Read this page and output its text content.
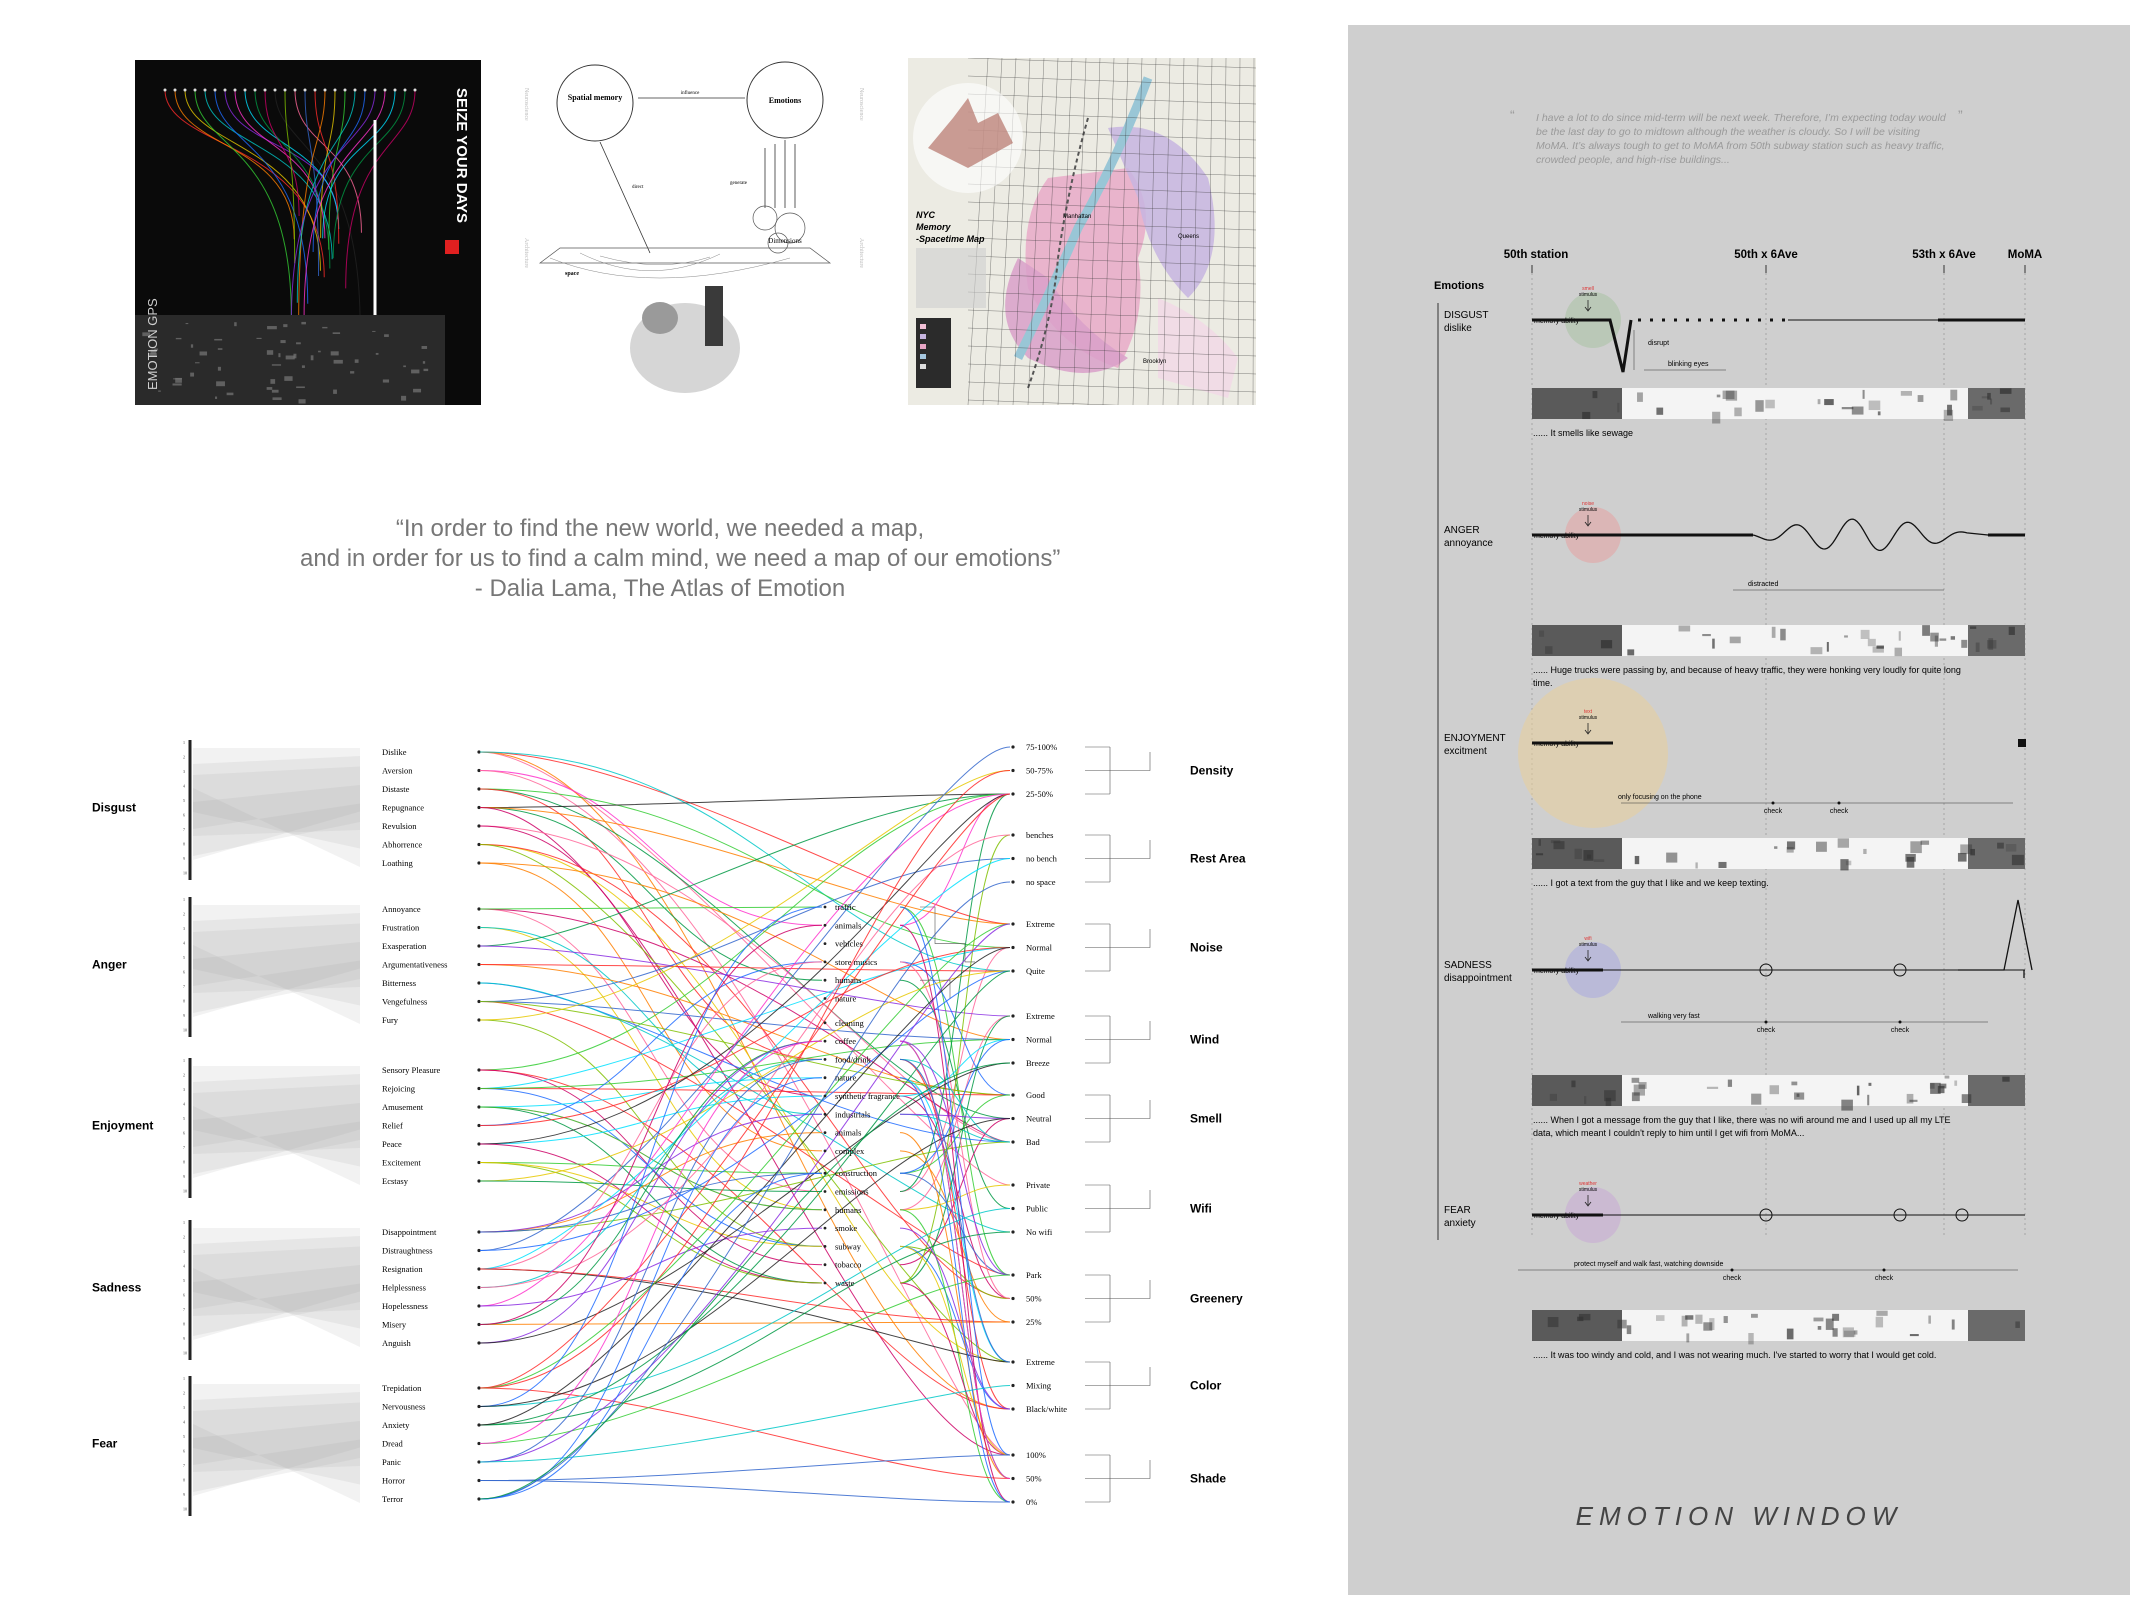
SEIZE YOUR DAYS
EMOTION GPS
Spatial memory	Emotions
influence
direct
generate
Dimensions
space
Neuroscience
Architecture
Neuroscience
Architecture
NYC
Memory
-Spacetime Map
Manhattan
Queens
Brooklyn
“In order to find the new world, we needed a map,
and in order for us to find a calm mind, we need a map of our emotions”
- Dalia Lama, The Atlas of Emotion
1
2
3
4
5
6
7
8
9
10
Disgust
Dislike
Aversion
Distaste
Repugnance
Revulsion
Abhorrence
Loathing
1
2
3
4
5
6
7
8
9
10
Anger
Annoyance
Frustration
Exasperation
Argumentativeness
Bitterness
Vengefulness
Fury
1
2
3
4
5
6
7
8
9
10
Enjoyment
Sensory Pleasure
Rejoicing
Amusement
Relief
Peace
Excitement
Ecstasy
1
2
3
4
5
6
7
8
9
10
Sadness
Disappointment
Distraughtness
Resignation
Helplessness
Hopelessness
Misery
Anguish
1
2
3
4
5
6
7
8
9
10
Fear
Trepidation
Nervousness
Anxiety
Dread
Panic
Horror
Terror
traffic
animals
vehicles
store musics
humans
nature
cleaning
coffee
food/drink
nature
synthetic fragrance
industrials
animals
complex
construction
emissions
humans
smoke
subway
tobacco
waste
75-100%
50-75%
25-50%
Density
benches
no bench
no space
Rest Area
Extreme
Normal
Quite
Noise
Extreme
Normal
Breeze
Wind
Good
Neutral
Bad
Smell
Private
Public
No wifi
Wifi
Park
50%
25%
Greenery
Extreme
Mixing
Black/white
Color
100%
50%
0%
Shade
“	”
I have a lot to do since mid-term will be next week. Therefore, I’m expecting today would be the last day to go to midtown although the weather is cloudy. So I will be visiting MoMA. It’s always tough to get to MoMA from 50th subway station such as heavy traffic, crowded people, and high-rise buildings...
50th station	50th x 6Ave	53th x 6Ave	MoMA
Emotions
DISGUST
dislike
memory ability
smell
stimulus
disrupt
blinking eyes
...... It smells like sewage
ANGER
annoyance
memory ability
noise
stimulus
distracted
...... Huge trucks were passing by, and because of heavy traffic, they were honking very loudly for quite long time.
ENJOYMENT
excitment
memory ability
text
stimulus
only focusing on the phone
check	check
...... I got a text from the guy that I like and we keep texting.
SADNESS
disappointment
memory ability
wifi
stimulus
walking very fast
check	check
...... When I got a message from the guy that I like, there was no wifi around me and I used up all my LTE data, which meant I couldn't reply to him until I get wifi from MoMA...
FEAR
anxiety
memory ability
weather
stimulus
protect myself and walk fast, watching downside
check	check
...... It was too windy and cold, and I was not wearing much. I've started to worry that I would get cold.
EMOTION WINDOW
